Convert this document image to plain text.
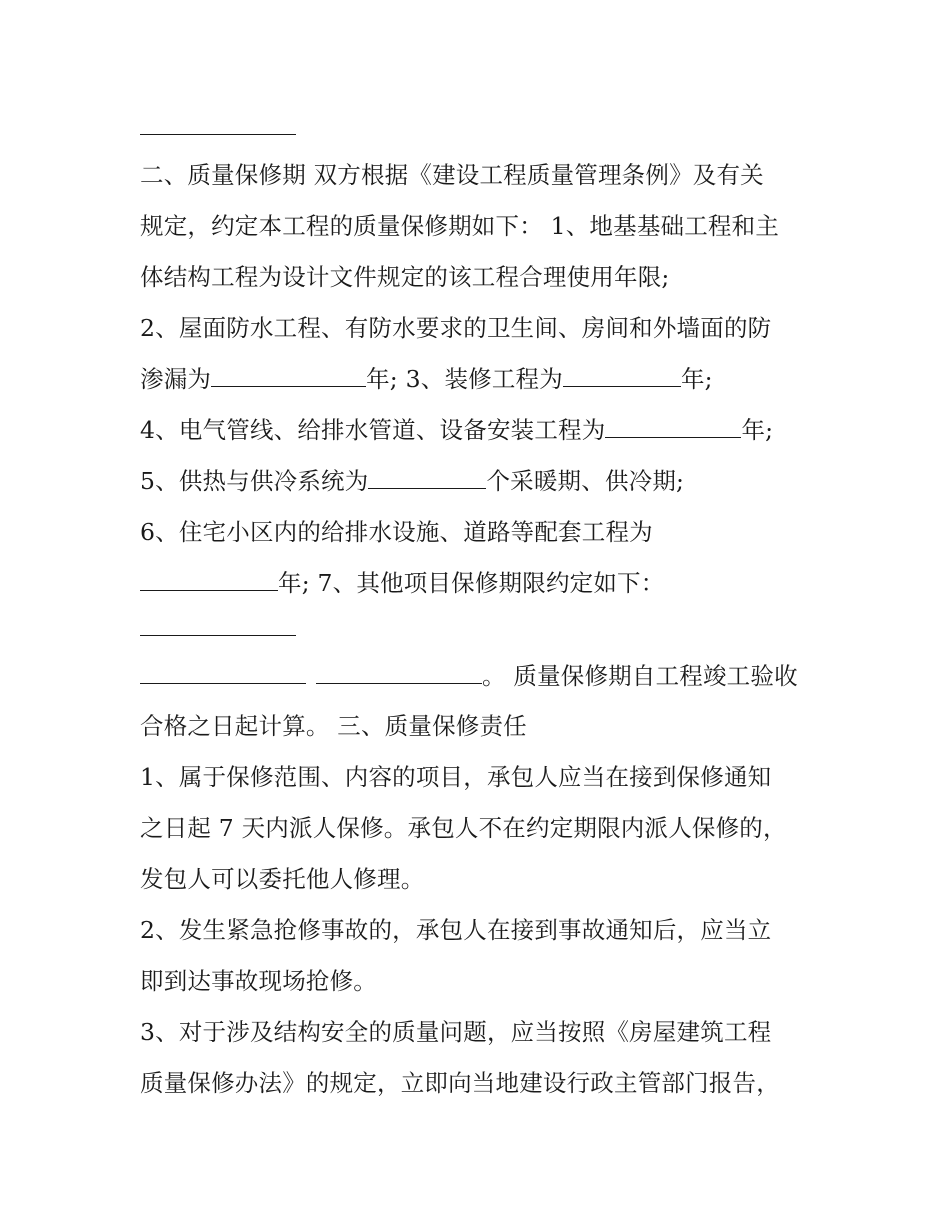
二、质量保修期 双方根据《建设工程质量管理条例》及有关
规定，约定本工程的质量保修期如下： 1、地基基础工程和主
体结构工程为设计文件规定的该工程合理使用年限;
2、屋面防水工程、有防水要求的卫生间、房间和外墙面的防
渗漏为	年; 3、装修工程为	年;
4、电气管线、给排水管道、设备安装工程为	年;
5、供热与供冷系统为	个采暖期、供冷期;
6、住宅小区内的给排水设施、道路等配套工程为
年; 7、其他项目保修期限约定如下：
。 质量保修期自工程竣工验收
合格之日起计算。 三、质量保修责任
1、属于保修范围、内容的项目，承包人应当在接到保修通知
之日起 7 天内派人保修。承包人不在约定期限内派人保修的，
发包人可以委托他人修理。
2、发生紧急抢修事故的，承包人在接到事故通知后，应当立
即到达事故现场抢修。
3、对于涉及结构安全的质量问题，应当按照《房屋建筑工程
质量保修办法》的规定，立即向当地建设行政主管部门报告，
